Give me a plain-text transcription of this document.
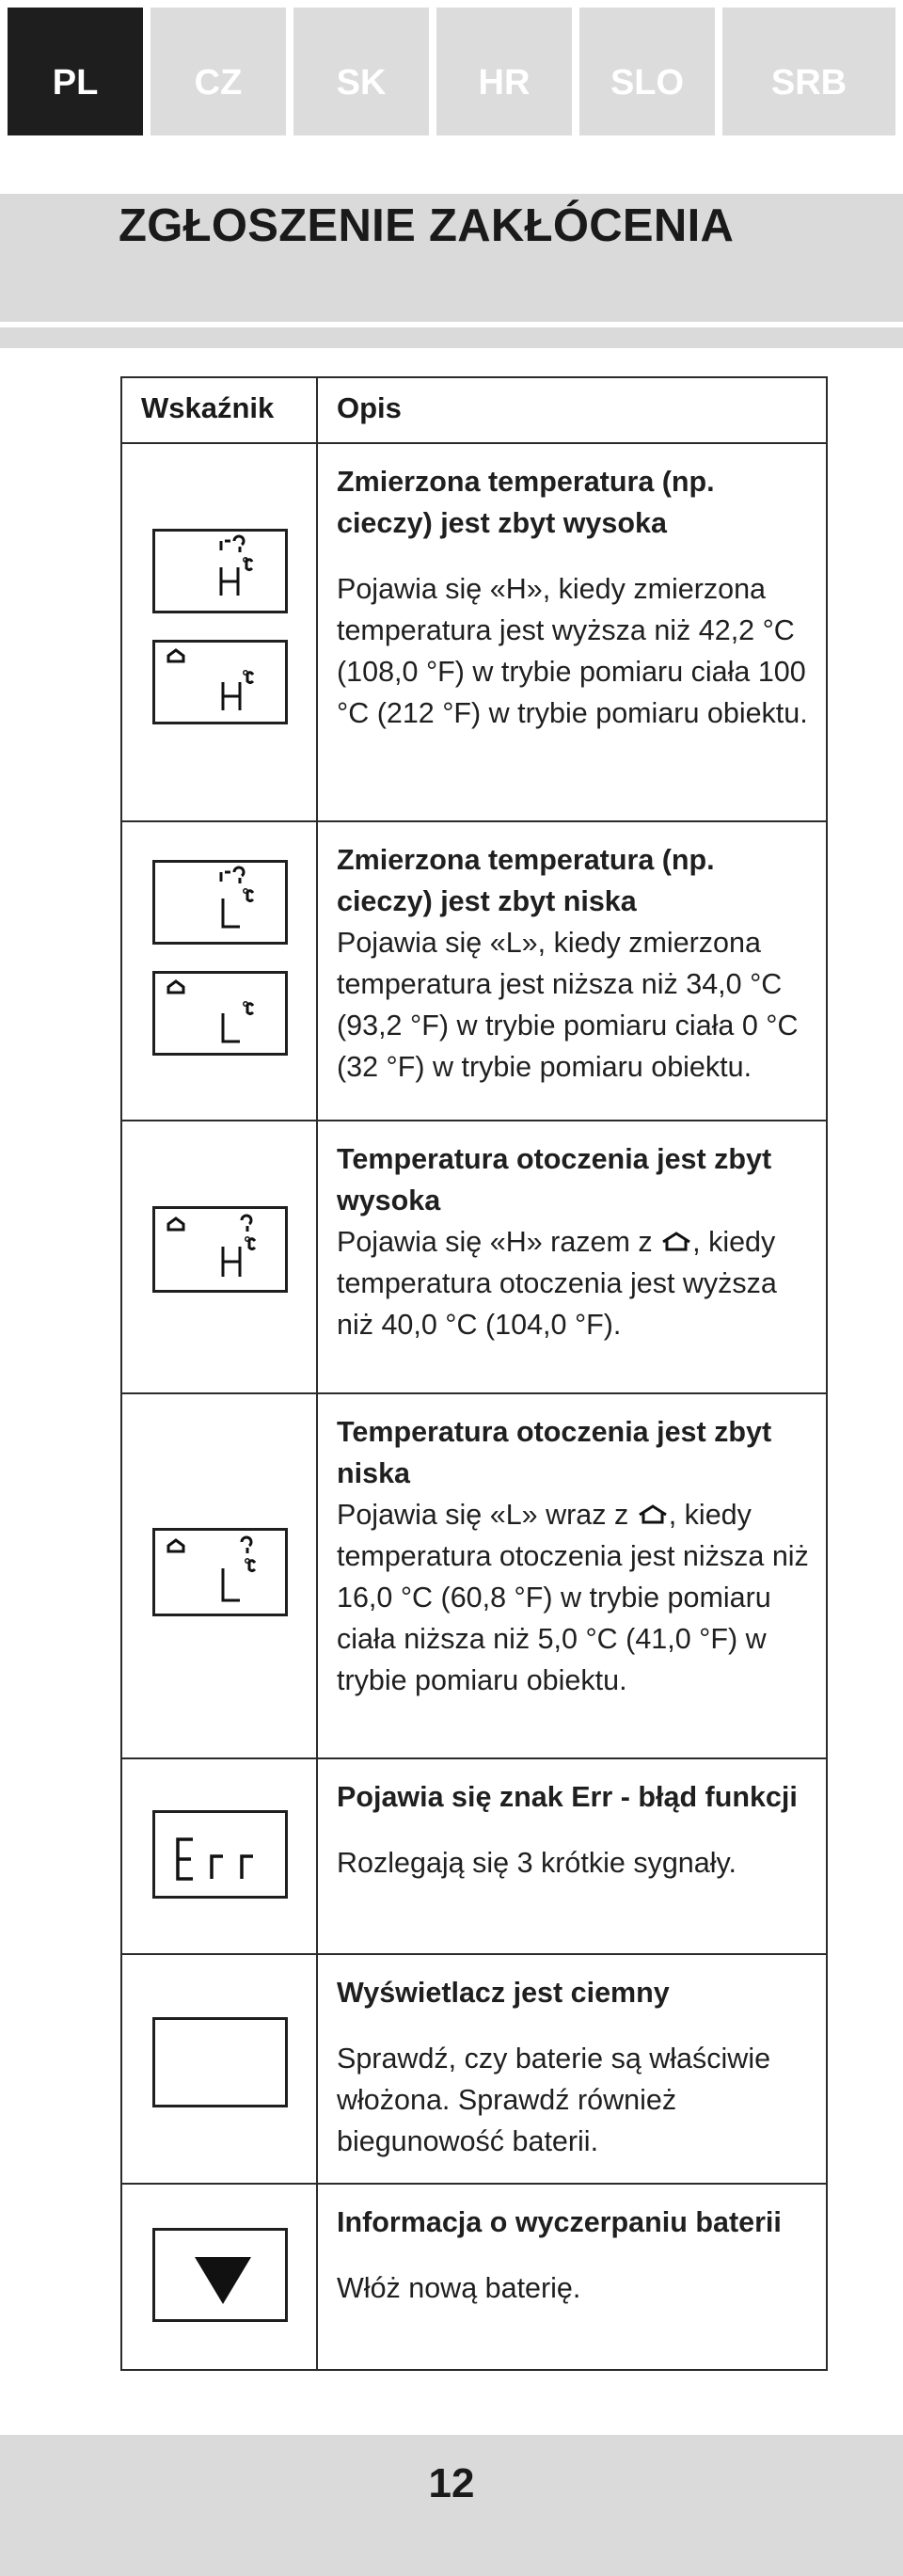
PL	CZ	SK	HR	SLO	SRB
ZGŁOSZENIE ZAKŁÓCENIA
Wskaźnik Opis
Zmierzona temperatura (np. cieczy) jest zbyt wysoka
Pojawia się «H», kiedy zmierzona temperatura jest wyższa niż 42,2 °C (108,0 °F) w trybie pomiaru ciała 100 °C (212 °F) w trybie pomiaru obiektu.
Zmierzona temperatura (np. cieczy) jest zbyt niska
Pojawia się «L», kiedy zmierzona temperatura jest niższa niż 34,0 °C (93,2 °F) w trybie pomiaru ciała 0 °C (32 °F) w trybie pomiaru obiektu.
Temperatura otoczenia jest zbyt wysoka
Pojawia się «H» razem z , kiedy temperatura otoczenia jest wyższa niż 40,0 °C (104,0 °F).
Temperatura otoczenia jest zbyt niska
Pojawia się «L» wraz z , kiedy temperatura otoczenia jest niższa niż 16,0 °C (60,8 °F) w trybie pomiaru ciała niższa niż 5,0 °C (41,0 °F) w trybie pomiaru obiektu.
Pojawia się znak Err - błąd funkcji
Rozlegają się 3 krótkie sygnały.
Wyświetlacz jest ciemny
Sprawdź, czy baterie są właściwie włożona. Sprawdź również biegunowość baterii.
Informacja o wyczerpaniu baterii
Włóż nową baterię.
12
